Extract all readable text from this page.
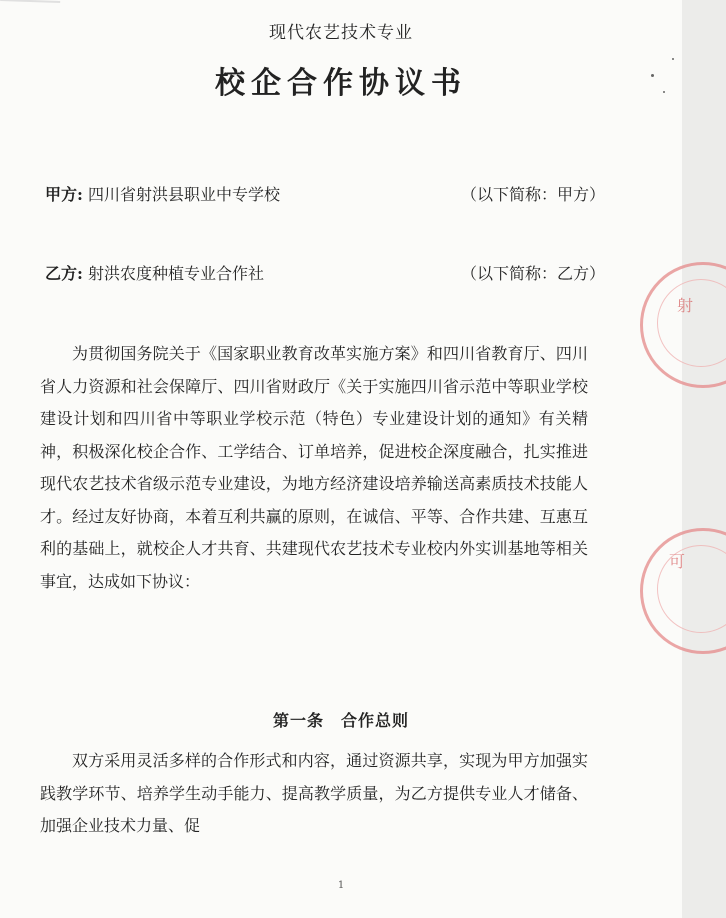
现代农艺技术专业
校企合作协议书
甲方: 四川省射洪县职业中专学校	（以下简称：甲方）
乙方: 射洪农度种植专业合作社	（以下简称：乙方）

为贯彻国务院关于《国家职业教育改革实施方案》和四川省教育厅、四川省人力资源和社会保障厅、四川省财政厅《关于实施四川省示范中等职业学校建设计划和四川省中等职业学校示范（特色）专业建设计划的通知》有关精神，积极深化校企合作、工学结合、订单培养，促进校企深度融合，扎实推进现代农艺技术省级示范专业建设，为地方经济建设培养输送高素质技术技能人才。经过友好协商，本着互利共赢的原则，在诚信、平等、合作共建、互惠互利的基础上，就校企人才共育、共建现代农艺技术专业校内外实训基地等相关事宜，达成如下协议：

第一条　合作总则

双方采用灵活多样的合作形式和内容，通过资源共享，实现为甲方加强实践教学环节、培养学生动手能力、提高教学质量，为乙方提供专业人才储备、加强企业技术力量、促

1
射
可
